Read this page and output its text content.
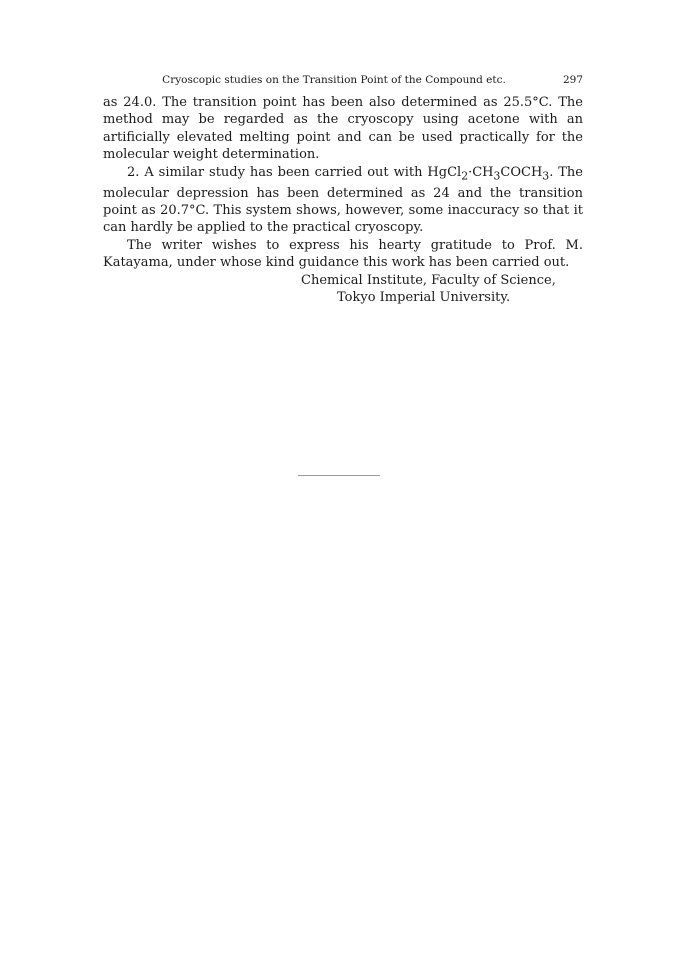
Cryoscopic studies on the Transition Point of the Compound etc.	297

as 24.0. The transition point has been also determined as 25.5°C. The method may be regarded as the cryoscopy using acetone with an artificially elevated melting point and can be used practically for the molecular weight determination.

2. A similar study has been carried out with $HgCl_2\cdot CH_3COCH_3$. The molecular depression has been determined as 24 and the transition point as 20.7°C. This system shows, however, some inaccuracy so that it can hardly be applied to the practical cryoscopy.

The writer wishes to express his hearty gratitude to Prof. M. Katayama, under whose kind guidance this work has been carried out.

Chemical Institute, Faculty of Science,
Tokyo Imperial University.
